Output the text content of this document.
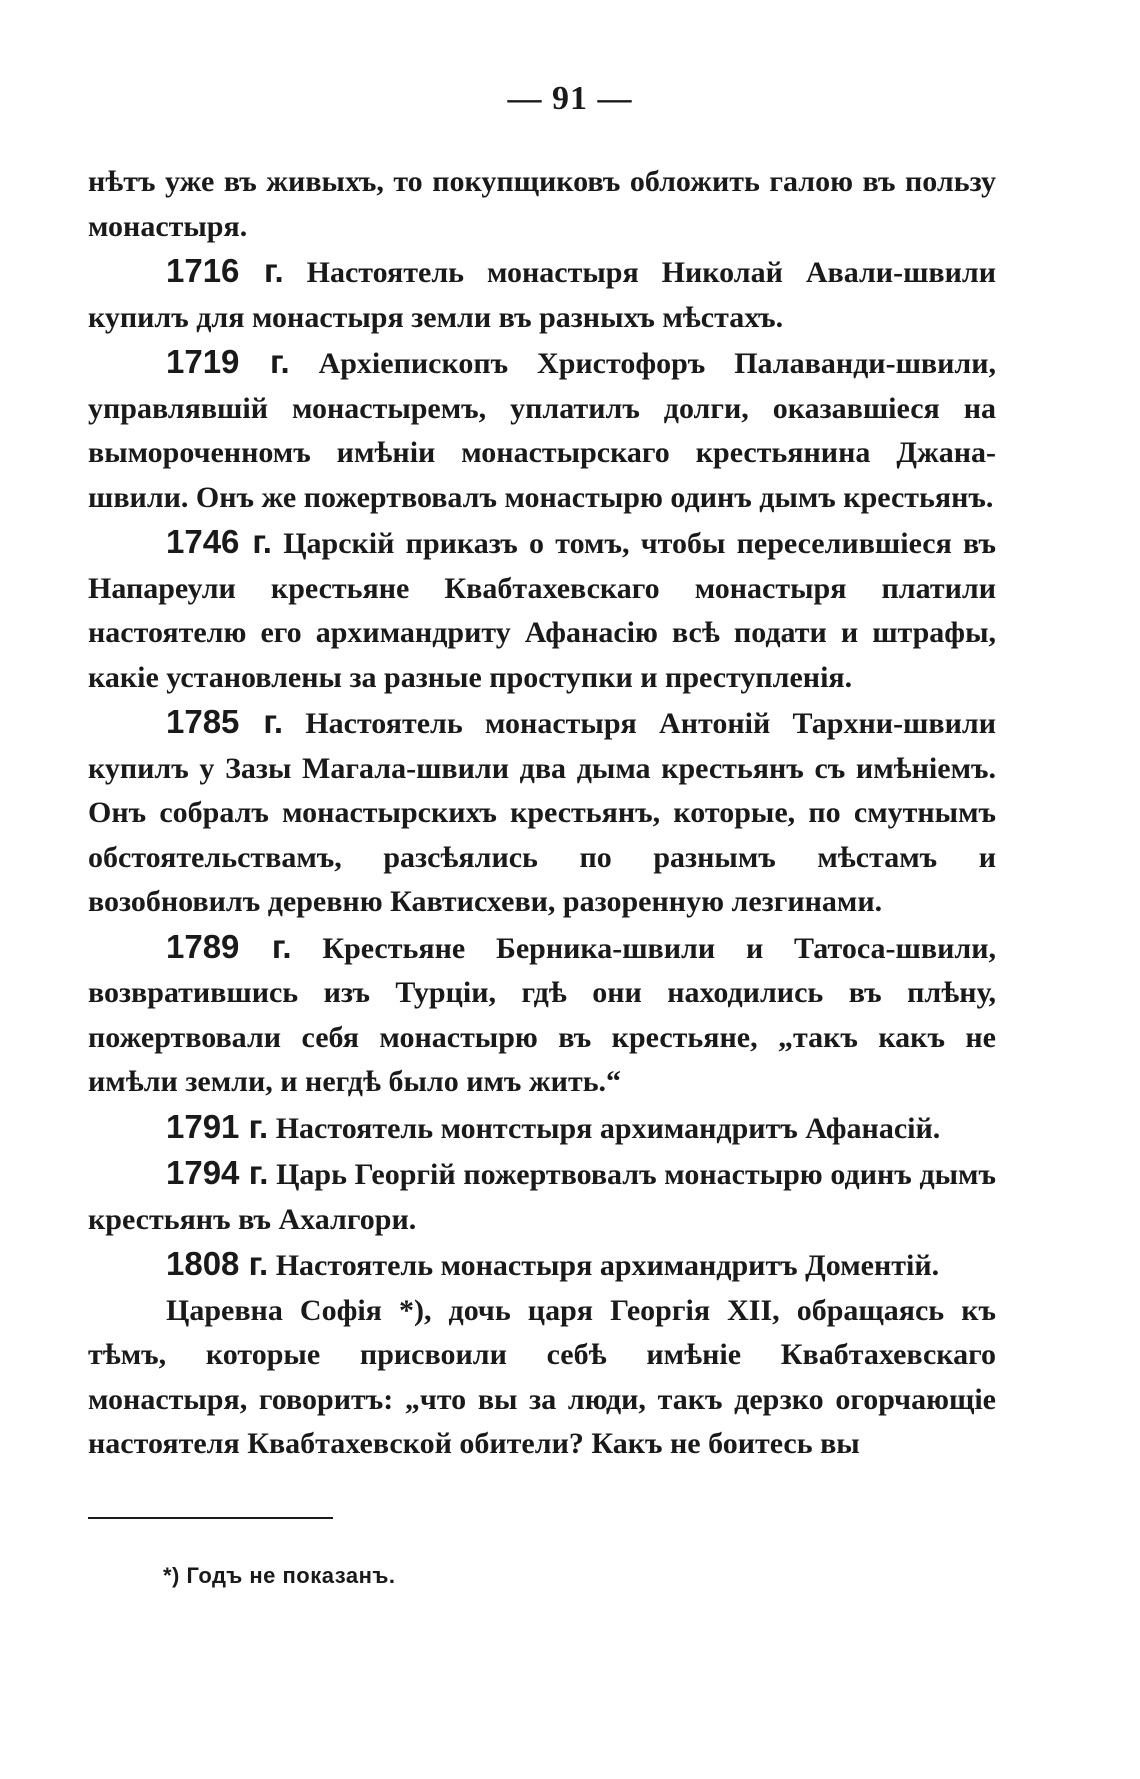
— 91 —

нѣтъ уже въ живыхъ, то покупщиковъ обложить галою въ пользу монастыря.

1716 г. Настоятель монастыря Николай Авали-швили купилъ для монастыря земли въ разныхъ мѣстахъ.

1719 г. Архіепископъ Христофоръ Палаванди-швили, управлявшій монастыремъ, уплатилъ долги, оказавшіеся на вымороченномъ имѣніи монастырскаго крестьянина Джана-швили. Онъ же пожертвовалъ монастырю одинъ дымъ крестьянъ.

1746 г. Царскій приказъ о томъ, чтобы переселившіеся въ Напареули крестьяне Квабтахевскаго монастыря платили настоятелю его архимандриту Афанасію всѣ подати и штрафы, какіе установлены за разные проступки и преступленія.

1785 г. Настоятель монастыря Антоній Тархни-швили купилъ у Зазы Магала-швили два дыма крестьянъ съ имѣніемъ. Онъ собралъ монастырскихъ крестьянъ, которые, по смутнымъ обстоятельствамъ, разсѣялись по разнымъ мѣстамъ и возобновилъ деревню Кавтисхеви, разоренную лезгинами.

1789 г. Крестьяне Берника-швили и Татоса-швили, возвратившись изъ Турціи, гдѣ они находились въ плѣну, пожертвовали себя монастырю въ крестьяне, „такъ какъ не имѣли земли, и негдѣ было имъ жить.“

1791 г. Настоятель монтстыря архимандритъ Афанасій.

1794 г. Царь Георгій пожертвовалъ монастырю одинъ дымъ крестьянъ въ Ахалгори.

1808 г. Настоятель монастыря архимандритъ Доментій.

Царевна Софія *), дочь царя Георгія XII, обращаясь къ тѣмъ, которые присвоили себѣ имѣніе Квабтахевскаго монастыря, говоритъ: „что вы за люди, такъ дерзко огорчающіе настоятеля Квабтахевской обители? Какъ не боитесь вы

*) Годъ не показанъ.
